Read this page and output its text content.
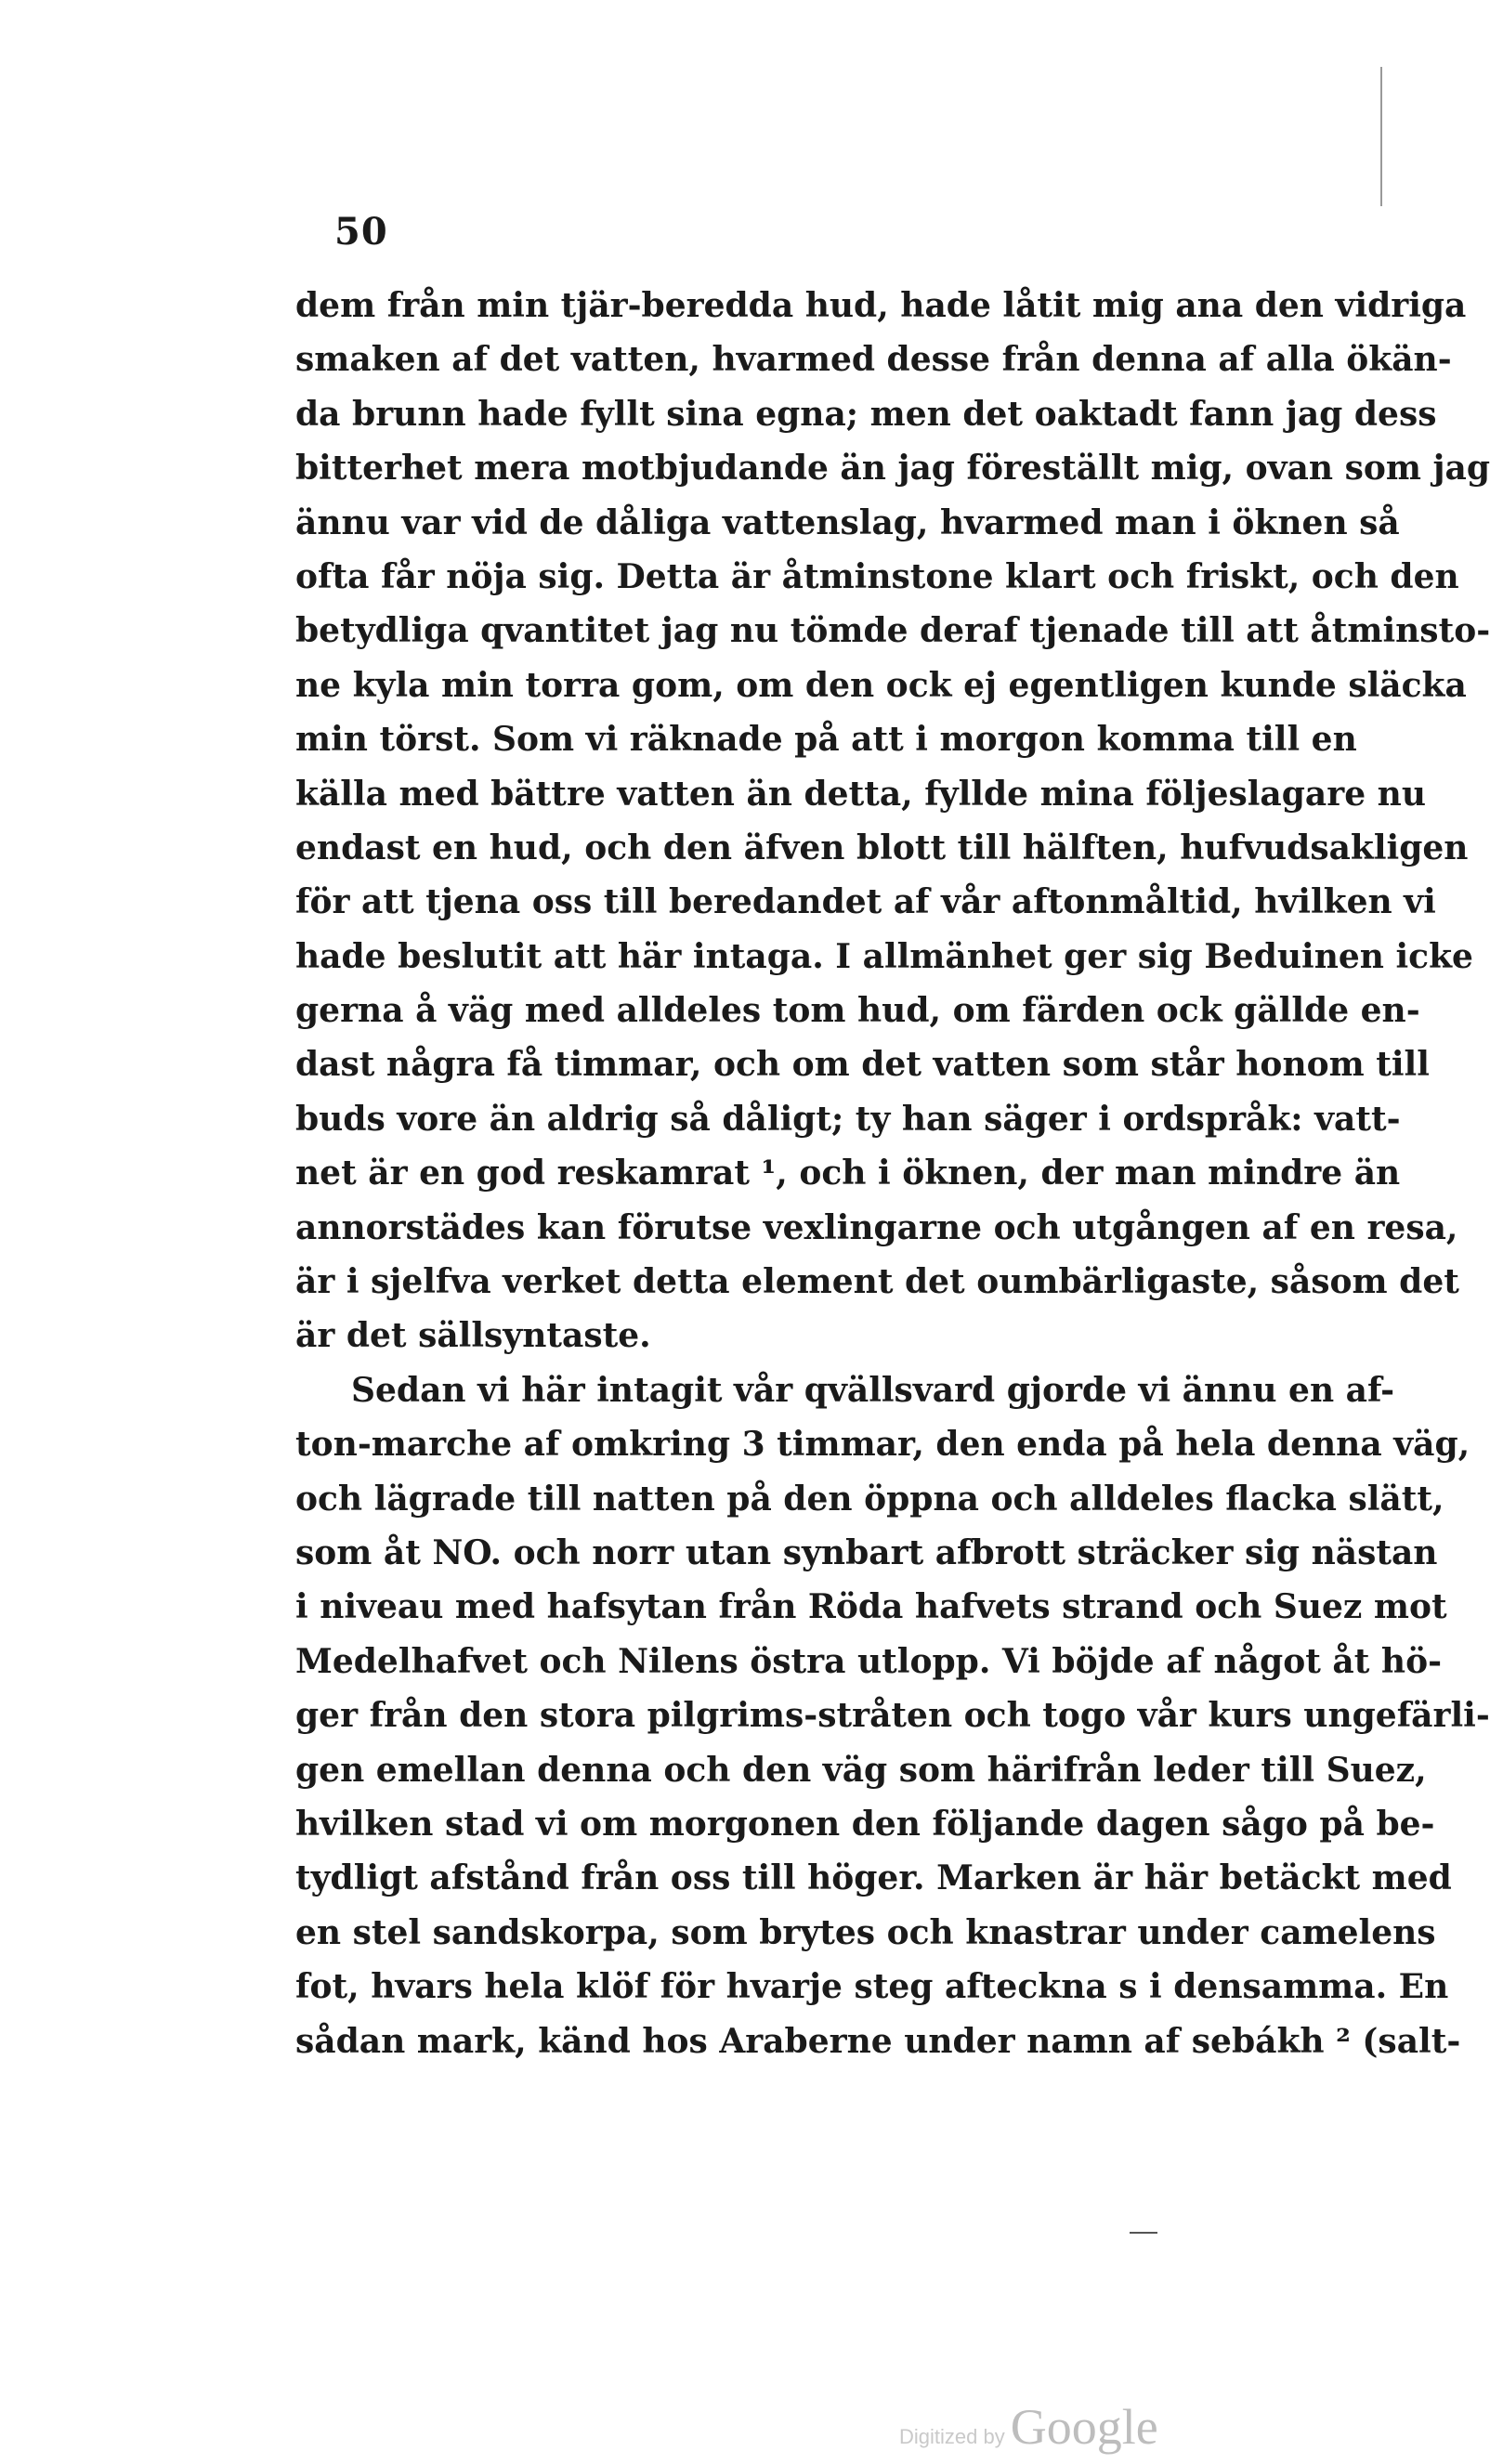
50
dem från min tjär-beredda hud, hade låtit mig ana den vidriga
smaken af det vatten, hvarmed desse från denna af alla ökän-
da brunn hade fyllt sina egna; men det oaktadt fann jag dess
bitterhet mera motbjudande än jag föreställt mig, ovan som jag
ännu var vid de dåliga vattenslag, hvarmed man i öknen så
ofta får nöja sig. Detta är åtminstone klart och friskt, och den
betydliga qvantitet jag nu tömde deraf tjenade till att åtminsto-
ne kyla min torra gom, om den ock ej egentligen kunde släcka
min törst. Som vi räknade på att i morgon komma till en
källa med bättre vatten än detta, fyllde mina följeslagare nu
endast en hud, och den äfven blott till hälften, hufvudsakligen
för att tjena oss till beredandet af vår aftonmåltid, hvilken vi
hade beslutit att här intaga. I allmänhet ger sig Beduinen icke
gerna å väg med alldeles tom hud, om färden ock gällde en-
dast några få timmar, och om det vatten som står honom till
buds vore än aldrig så dåligt; ty han säger i ordspråk: vatt-
net är en god reskamrat ¹, och i öknen, der man mindre än
annorstädes kan förutse vexlingarne och utgången af en resa,
är i sjelfva verket detta element det oumbärligaste, såsom det
är det sällsyntaste.
Sedan vi här intagit vår qvällsvard gjorde vi ännu en af-
ton-marche af omkring 3 timmar, den enda på hela denna väg,
och lägrade till natten på den öppna och alldeles flacka slätt,
som åt NO. och norr utan synbart afbrott sträcker sig nästan
i niveau med hafsytan från Röda hafvets strand och Suez mot
Medelhafvet och Nilens östra utlopp. Vi böjde af något åt hö-
ger från den stora pilgrims-stråten och togo vår kurs ungefärli-
gen emellan denna och den väg som härifrån leder till Suez,
hvilken stad vi om morgonen den följande dagen sågo på be-
tydligt afstånd från oss till höger. Marken är här betäckt med
en stel sandskorpa, som brytes och knastrar under camelens
fot, hvars hela klöf för hvarje steg afteckna s i densamma. En
sådan mark, känd hos Araberne under namn af sebákh ² (salt-
Digitized by Google
